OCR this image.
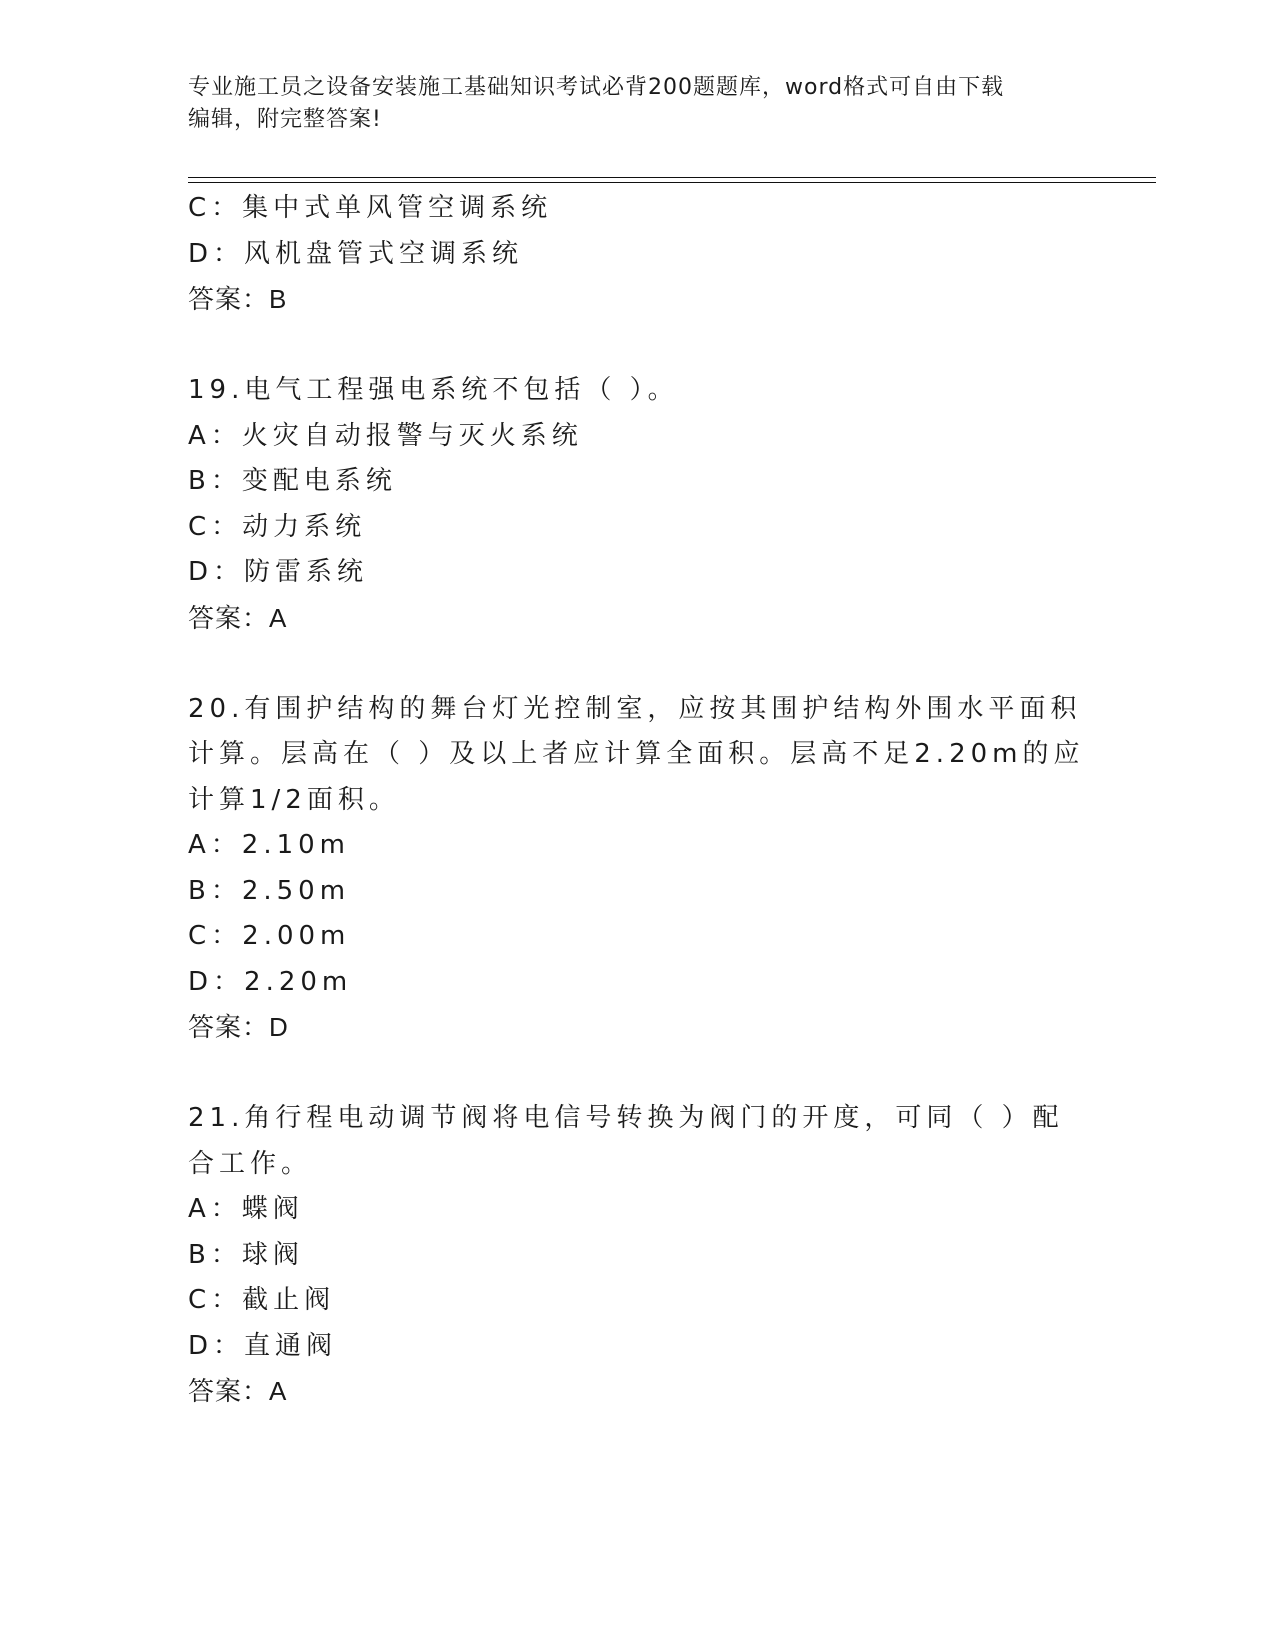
专业施工员之设备安装施工基础知识考试必背200题题库，word格式可自由下载
编辑，附完整答案!
C：集中式单风管空调系统
D：风机盘管式空调系统
答案：B
19.电气工程强电系统不包括（ ）。
A：火灾自动报警与灭火系统
B：变配电系统
C：动力系统
D：防雷系统
答案：A
20.有围护结构的舞台灯光控制室，应按其围护结构外围水平面积计算。层高在（ ）及以上者应计算全面积。层高不足2.20m的应计算1/2面积。
A：2.10m
B：2.50m
C：2.00m
D：2.20m
答案：D
21.角行程电动调节阀将电信号转换为阀门的开度，可同（ ）配合工作。
A：蝶阀
B：球阀
C：截止阀
D：直通阀
答案：A
